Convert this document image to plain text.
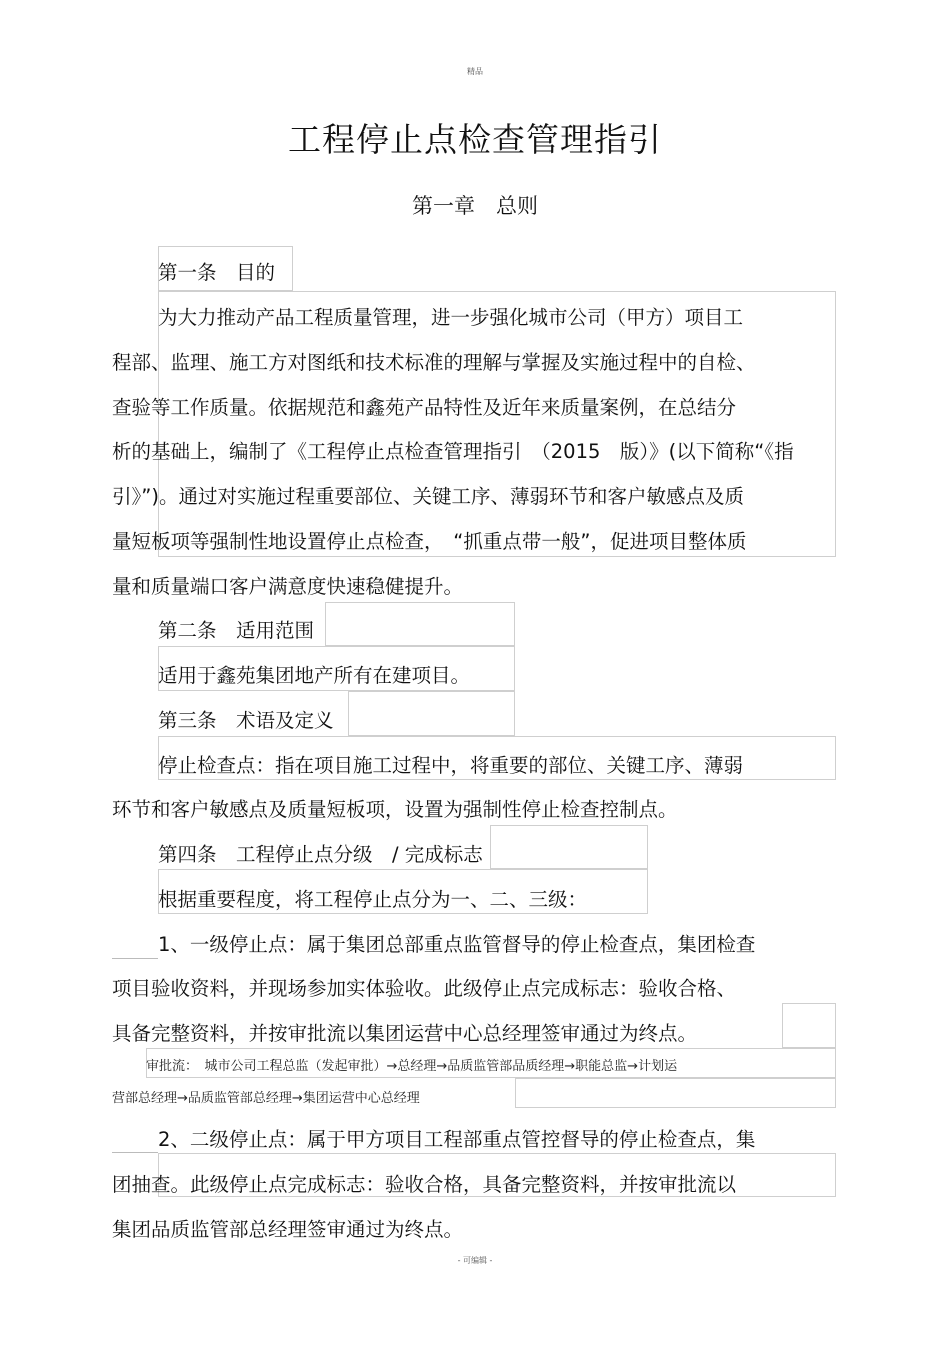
精品
工程停止点检查管理指引
第一章　总则
第一条　目的
为大力推动产品工程质量管理，进一步强化城市公司（甲方）项目工
程部、监理、施工方对图纸和技术标准的理解与掌握及实施过程中的自检、
查验等工作质量。依据规范和鑫苑产品特性及近年来质量案例，在总结分
析的基础上，编制了《工程停止点检查管理指引　（2015　版）》(以下简称“《指
引》”)。通过对实施过程重要部位、关键工序、薄弱环节和客户敏感点及质
量短板项等强制性地设置停止点检查，　“抓重点带一般”，促进项目整体质
量和质量端口客户满意度快速稳健提升。
第二条　适用范围
适用于鑫苑集团地产所有在建项目。
第三条　术语及定义
停止检查点：指在项目施工过程中，将重要的部位、关键工序、薄弱
环节和客户敏感点及质量短板项，设置为强制性停止检查控制点。
第四条　工程停止点分级　/ 完成标志
根据重要程度，将工程停止点分为一、二、三级：
1、一级停止点：属于集团总部重点监管督导的停止检查点，集团检查
项目验收资料，并现场参加实体验收。此级停止点完成标志：验收合格、
具备完整资料，并按审批流以集团运营中心总经理签审通过为终点。
审批流：　城市公司工程总监（发起审批）→总经理→品质监管部品质经理→职能总监→计划运
营部总经理→品质监管部总经理→集团运营中心总经理
2、二级停止点：属于甲方项目工程部重点管控督导的停止检查点，集
团抽查。此级停止点完成标志：验收合格，具备完整资料，并按审批流以
集团品质监管部总经理签审通过为终点。
- 可编辑 -
